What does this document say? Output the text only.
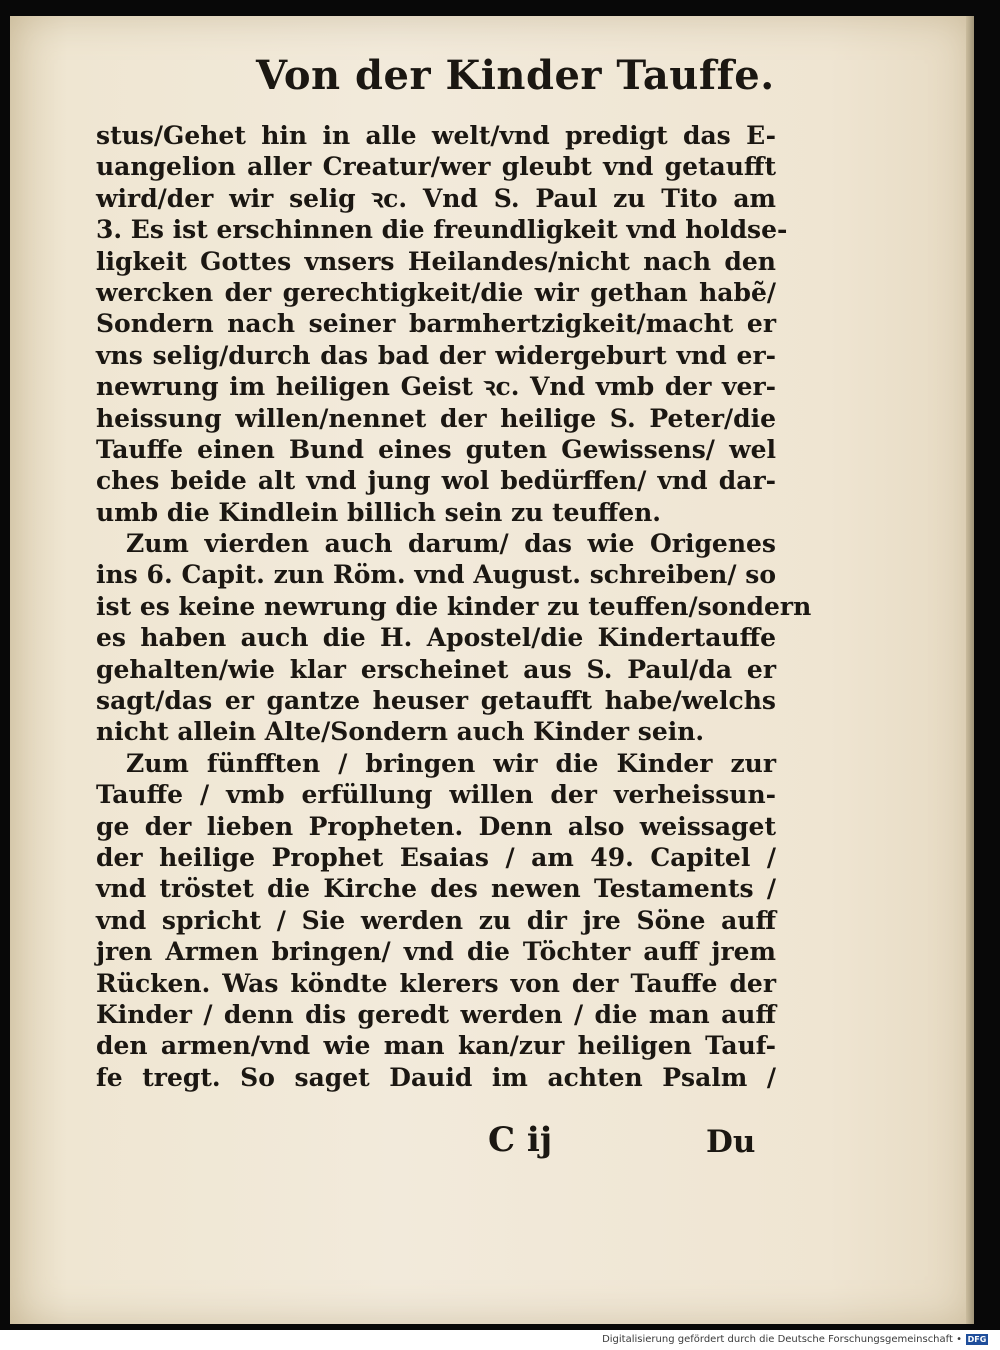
Von der Kinder Tauffe.
stus/Gehet hin in alle welt/vnd predigt das E-
uangelion aller Creatur/wer gleubt vnd getaufft
wird/der wir selig ꝛc. Vnd S. Paul zu Tito am
3. Es ist erschinnen die freundligkeit vnd holdse-
ligkeit Gottes vnsers Heilandes/nicht nach den
wercken der gerechtigkeit/die wir gethan habẽ/
Sondern nach seiner barmhertzigkeit/macht er
vns selig/durch das bad der widergeburt vnd er-
newrung im heiligen Geist ꝛc. Vnd vmb der ver-
heissung willen/nennet der heilige S. Peter/die
Tauffe einen Bund eines guten Gewissens/ wel
ches beide alt vnd jung wol bedürffen/ vnd dar-
umb die Kindlein billich sein zu teuffen.
Zum vierden auch darum/ das wie Origenes
ins 6. Capit. zun Röm. vnd August. schreiben/ so
ist es keine newrung die kinder zu teuffen/sondern
es haben auch die H. Apostel/die Kindertauffe
gehalten/wie klar erscheinet aus S. Paul/da er
sagt/das er gantze heuser getaufft habe/welchs
nicht allein Alte/Sondern auch Kinder sein.
Zum fünfften / bringen wir die Kinder zur
Tauffe / vmb erfüllung willen der verheissun-
ge der lieben Propheten. Denn also weissaget
der heilige Prophet Esaias / am 49. Capitel /
vnd tröstet die Kirche des newen Testaments /
vnd spricht / Sie werden zu dir jre Söne auff
jren Armen bringen/ vnd die Töchter auff jrem
Rücken. Was köndte klerers von der Tauffe der
Kinder / denn dis geredt werden / die man auff
den armen/vnd wie man kan/zur heiligen Tauf-
fe tregt. So saget Dauid im achten Psalm /
C ij	Du
Digitalisierung gefördert durch die Deutsche Forschungsgemeinschaft • DFG
